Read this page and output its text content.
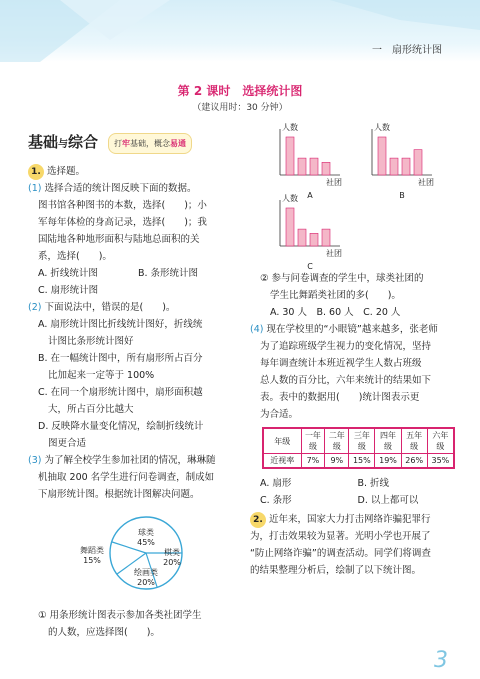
一　扇形统计图
第 2 课时　选择统计图
（建议用时：30 分钟）
基础与综合	打牢基础，概念易通

1. 选择题。

(1) 选择合适的统计图反映下面的数据。

图书馆各种图书的本数，选择(　　)；小

军每年体检的身高记录，选择(　　)；我

国陆地各种地形面积与陆地总面积的关

系，选择(　　)。

A. 折线统计图	B. 条形统计图

C. 扇形统计图

(2) 下面说法中，错误的是(　　)。

A. 扇形统计图比折线统计图好，折线统

计图比条形统计图好

B. 在一幅统计图中，所有扇形所占百分

比加起来一定等于 100%

C. 在同一个扇形统计图中，扇形面积越

大，所占百分比越大

D. 反映降水量变化情况，绘制折线统计

图更合适

(3) 为了解全校学生参加社团的情况，琳琳随

机抽取 200 名学生进行问卷调查，制成如

下扇形统计图。根据统计图解决问题。

球类
45%
棋类
20%
绘画类
20%
舞蹈类
15%

① 用条形统计图表示参加各类社团学生

的人数，应选择图(　　)。

人数
社团
A
人数
社团
B
人数
社团
C

② 参与问卷调查的学生中，球类社团的

学生比舞蹈类社团的多(　　)。

A. 30 人　B. 60 人　C. 20 人

(4) 现在学校里的“小眼镜”越来越多，张老师

为了追踪班级学生视力的变化情况，坚持

每年调查统计本班近视学生人数占班级

总人数的百分比，六年来统计的结果如下

表。表中的数据用(　　)统计图表示更

为合适。

年级	一年级	二年级	三年级	四年级	五年级	六年级
近视率	7%	9%	15%	19%	26%	35%
A. 扇形	B. 折线
C. 条形	D. 以上都可以

2. 近年来，国家大力打击网络诈骗犯罪行

为，打击效果较为显著。光明小学也开展了

“防止网络诈骗”的调查活动。同学们将调查

的结果整理分析后，绘制了以下统计图。

3
